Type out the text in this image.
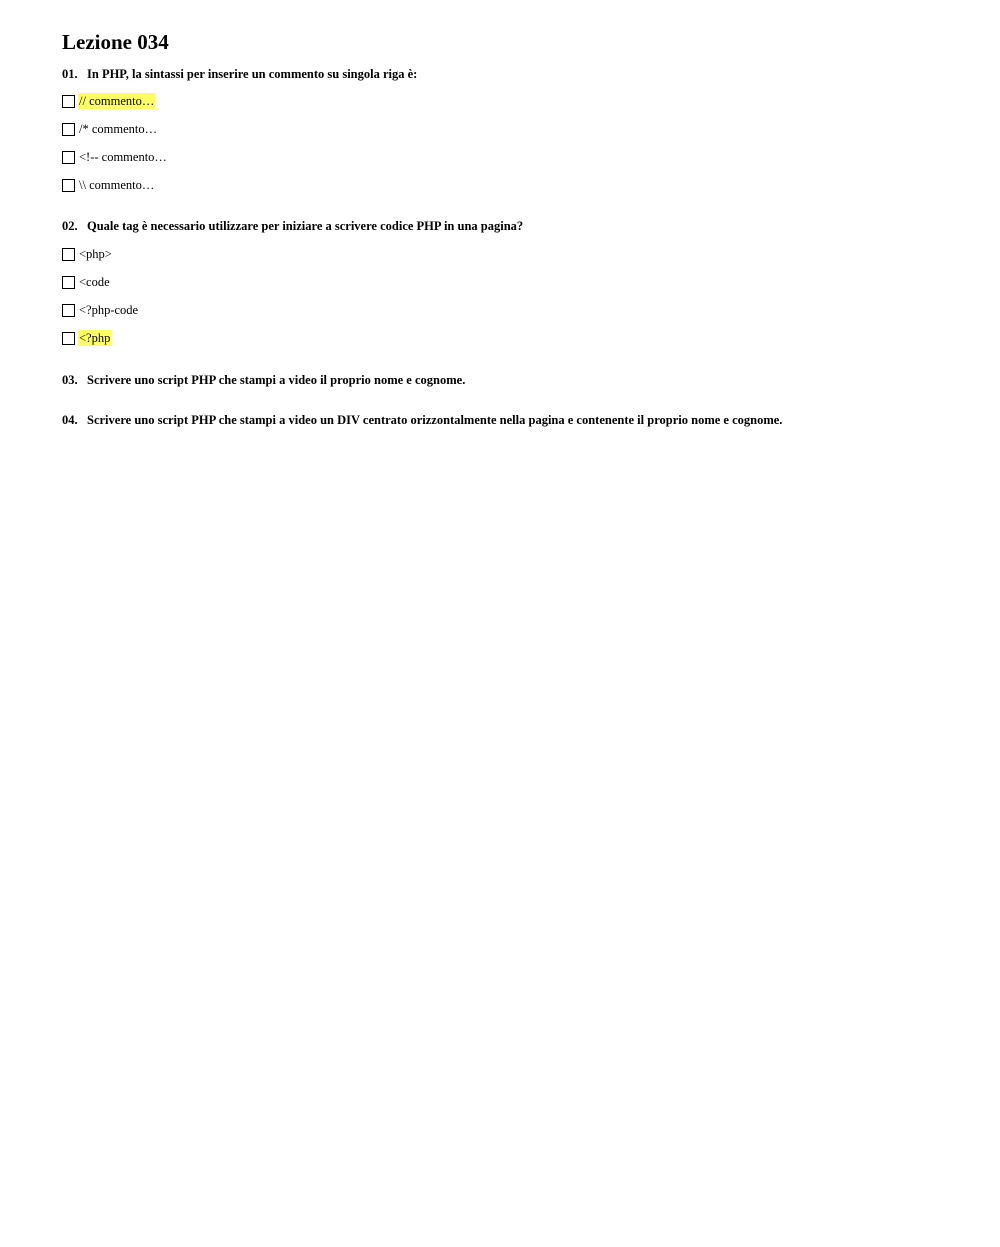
Lezione 034
01. In PHP, la sintassi per inserire un commento su singola riga è:
// commento…
/* commento…
<!-- commento…
\\ commento…
02. Quale tag è necessario utilizzare per iniziare a scrivere codice PHP in una pagina?
<php>
<code
<?php-code
<?php
03. Scrivere uno script PHP che stampi a video il proprio nome e cognome.
04. Scrivere uno script PHP che stampi a video un DIV centrato orizzontalmente nella pagina e contenente il proprio nome e cognome.
